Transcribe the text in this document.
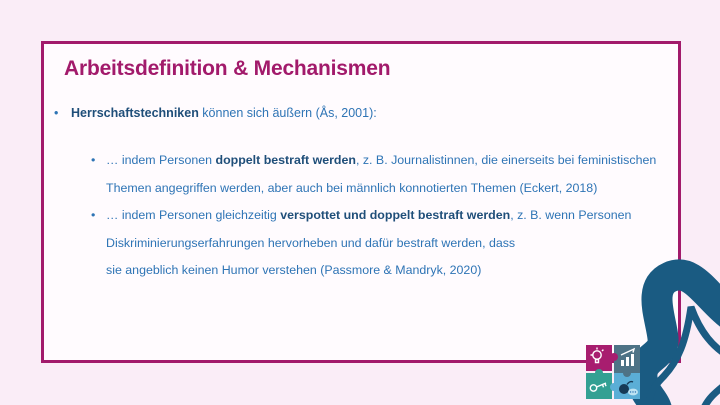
Arbeitsdefinition & Mechanismen
•	Herrschaftstechniken können sich äußern (Ås, 2001):
• … indem Personen doppelt bestraft werden, z. B. Journalistinnen, die einerseits bei feministischen Themen angegriffen werden, aber auch bei männlich konnotierten Themen (Eckert, 2018)
• … indem Personen gleichzeitig verspottet und doppelt bestraft werden, z. B. wenn Personen Diskriminierungserfahrungen hervorheben und dafür bestraft werden, dass
sie angeblich keinen Humor verstehen (Passmore & Mandryk, 2020)
